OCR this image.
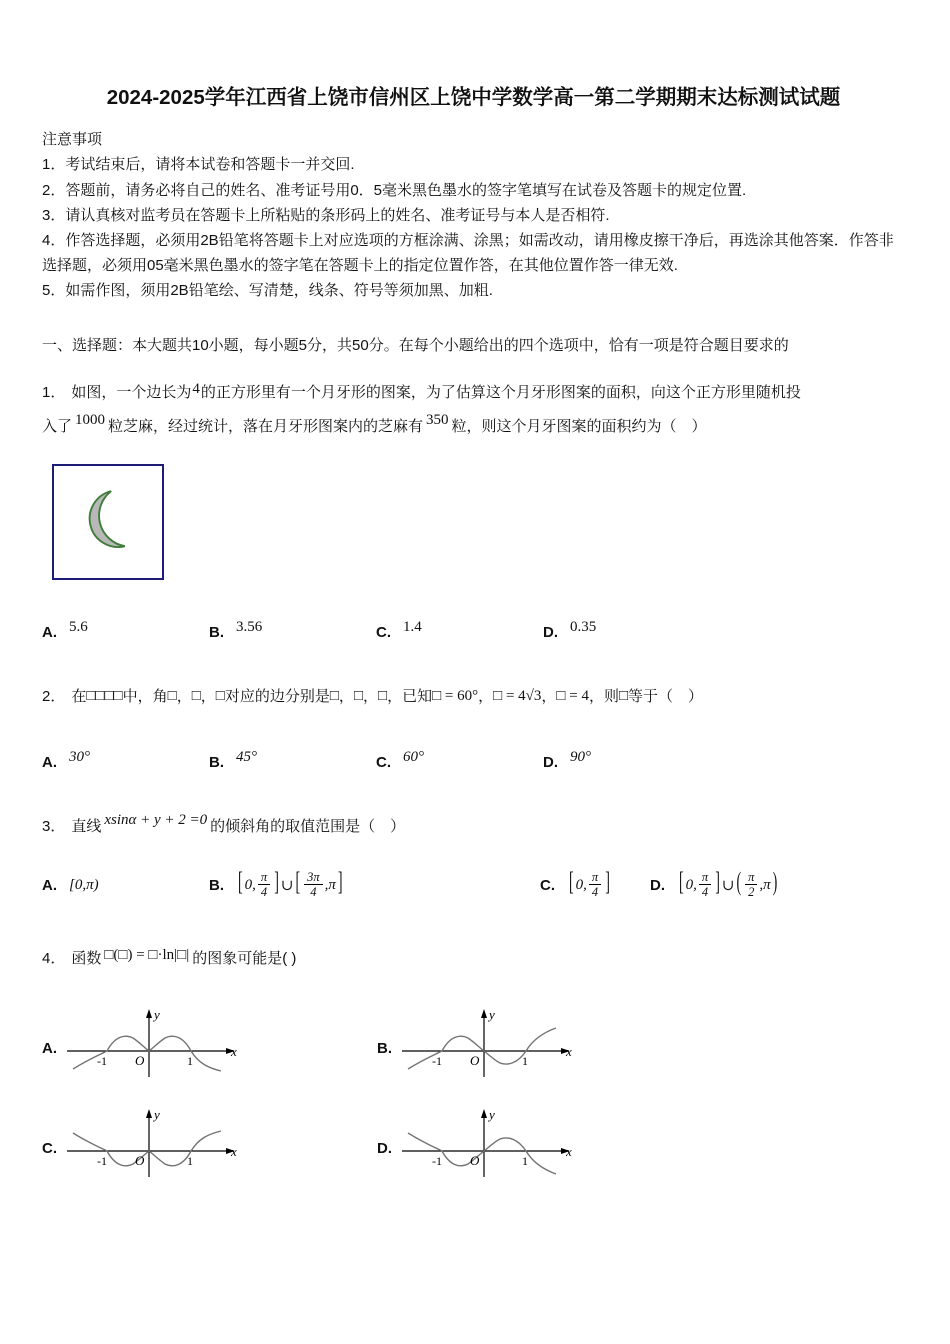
2024-2025学年江西省上饶市信州区上饶中学数学高一第二学期期末达标测试试题
注意事项
1．考试结束后，请将本试卷和答题卡一并交回.
2．答题前，请务必将自己的姓名、准考证号用0．5毫米黑色墨水的签字笔填写在试卷及答题卡的规定位置.
3．请认真核对监考员在答题卡上所粘贴的条形码上的姓名、准考证号与本人是否相符.
4．作答选择题，必须用2B铅笔将答题卡上对应选项的方框涂满、涂黑；如需改动，请用橡皮擦干净后，再选涂其他答案．作答非选择题，必须用05毫米黑色墨水的签字笔在答题卡上的指定位置作答，在其他位置作答一律无效.
5．如需作图，须用2B铅笔绘、写清楚，线条、符号等须加黑、加粗.
一、选择题：本大题共10小题，每小题5分，共50分。在每个小题给出的四个选项中，恰有一项是符合题目要求的
1． 如图，一个边长为4的正方形里有一个月牙形的图案，为了估算这个月牙形图案的面积，向这个正方形里随机投
入了 1000 粒芝麻，经过统计，落在月牙形图案内的芝麻有 350 粒，则这个月牙图案的面积约为（　）
A. 5.6	B. 3.56	C. 1.4	D. 0.35
2． 在□□□□中，角□，□，□对应的边分别是□，□，□，已知□ = 60°，□ = 4√3，□ = 4，则□等于（　）
A. 30°	B. 45°	C. 60°	D. 90°
3． 直线 xsinα + y + 2 =0 的倾斜角的取值范围是（　）
A. [0,π)	B. [ 0, $\frac{\pi}{4}$ ] ∪ [ $\frac{3\pi}{4} ,\pi$ ]	C. [ 0, $\frac{\pi}{4}$ ]	D. [ 0, $\frac{\pi}{4}$ ] ∪ ( $\frac{\pi}{2} ,\pi$ )
4． 函数 □(□) = □·ln|□| 的图象可能是( )
A.
y
x
O
-1	1
B.
y
x
O
-1	1
C.
y
x
O
-1	1
D.
y
x
O
-1	1
